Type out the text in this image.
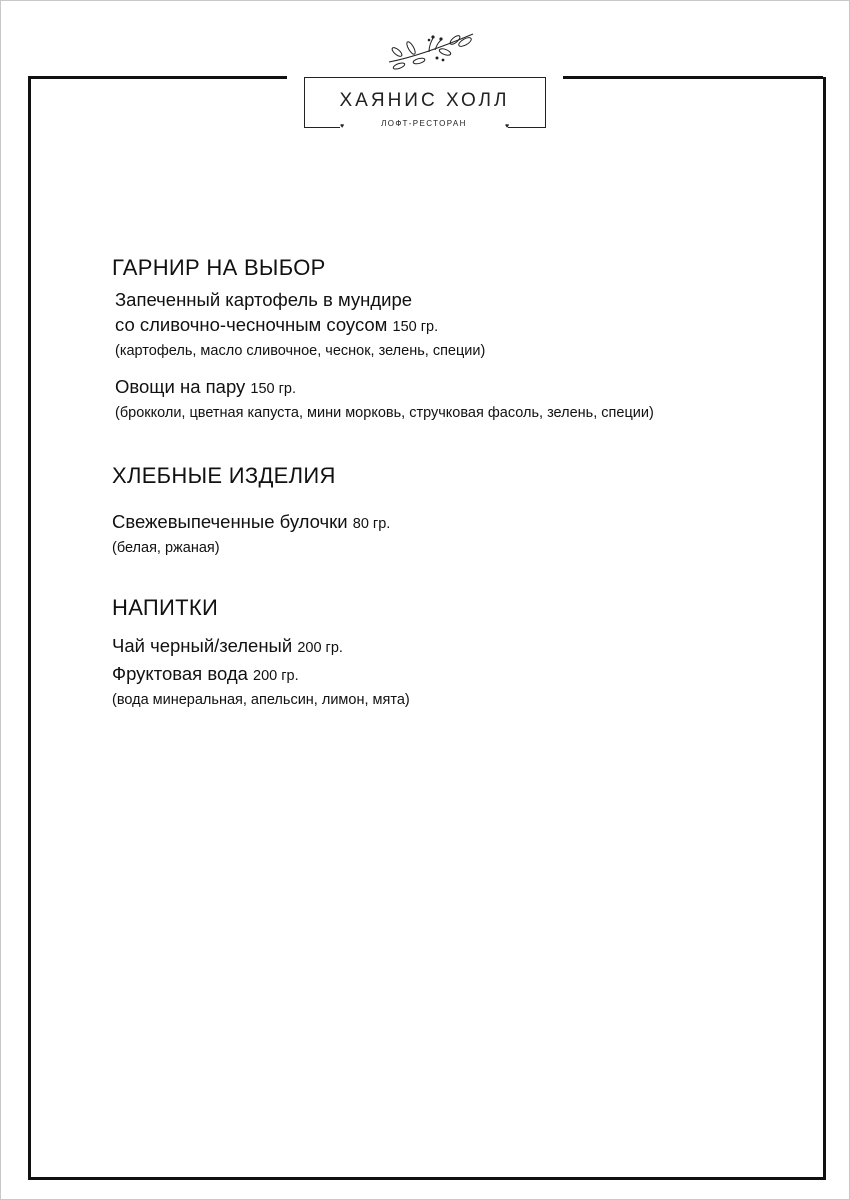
ХАЯНИС ХОЛЛ
ЛОФТ-РЕСТОРАН
♥	♥
ГАРНИР НА ВЫБОР
Запеченный картофель в мундире
со сливочно-чесночным соусом 150 гр.
(картофель, масло сливочное, чеснок, зелень, специи)
Овощи на пару 150 гр.
(брокколи, цветная капуста, мини морковь, стручковая фасоль, зелень, специи)
ХЛЕБНЫЕ ИЗДЕЛИЯ
Свежевыпеченные булочки 80 гр.
(белая, ржаная)
НАПИТКИ
Чай черный/зеленый 200 гр.
Фруктовая вода 200 гр.
(вода минеральная, апельсин, лимон, мята)
